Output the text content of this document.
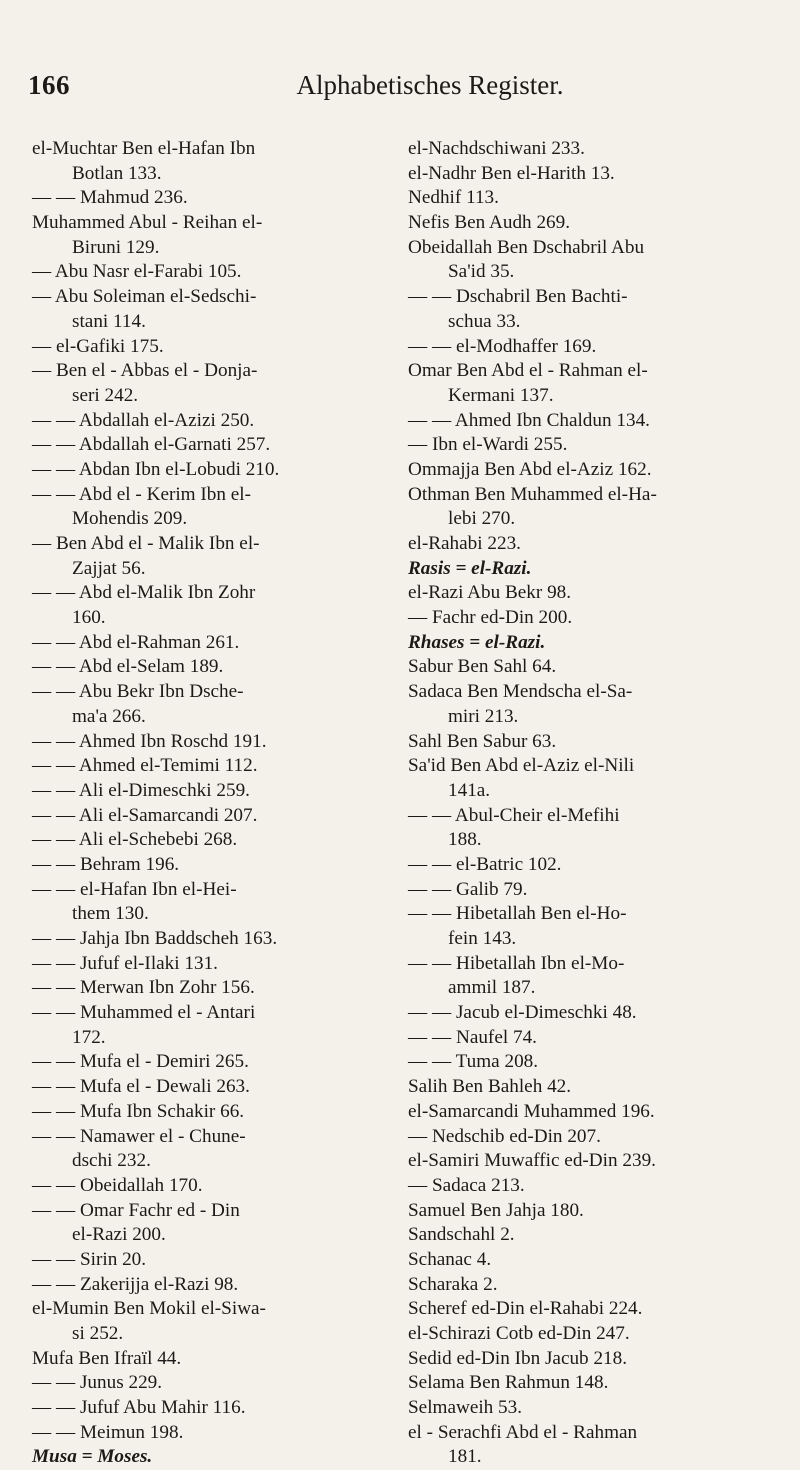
166	Alphabetisches Register.
el-Muchtar Ben el-Hafan Ibn
Botlan 133.
— — Mahmud 236.
Muhammed Abul - Reihan el-
Biruni 129.
— Abu Nasr el-Farabi 105.
— Abu Soleiman el-Sedschi-
stani 114.
— el-Gafiki 175.
— Ben el - Abbas el - Donja-
seri 242.
— — Abdallah el-Azizi 250.
— — Abdallah el-Garnati 257.
— — Abdan Ibn el-Lobudi 210.
— — Abd el - Kerim Ibn el-
Mohendis 209.
— Ben Abd el - Malik Ibn el-
Zajjat 56.
— — Abd el-Malik Ibn Zohr
160.
— — Abd el-Rahman 261.
— — Abd el-Selam 189.
— — Abu Bekr Ibn Dsche-
ma'a 266.
— — Ahmed Ibn Roschd 191.
— — Ahmed el-Temimi 112.
— — Ali el-Dimeschki 259.
— — Ali el-Samarcandi 207.
— — Ali el-Schebebi 268.
— — Behram 196.
— — el-Hafan Ibn el-Hei-
them 130.
— — Jahja Ibn Baddscheh 163.
— — Jufuf el-Ilaki 131.
— — Merwan Ibn Zohr 156.
— — Muhammed el - Antari
172.
— — Mufa el - Demiri 265.
— — Mufa el - Dewali 263.
— — Mufa Ibn Schakir 66.
— — Namawer el - Chune-
dschi 232.
— — Obeidallah 170.
— — Omar Fachr ed - Din
el-Razi 200.
— — Sirin 20.
— — Zakerijja el-Razi 98.
el-Mumin Ben Mokil el-Siwa-
si 252.
Mufa Ben Ifraïl 44.
— — Junus 229.
— — Jufuf Abu Mahir 116.
— — Meimun 198.
Musa = Moses.
el-Nachdschiwani 233.
el-Nadhr Ben el-Harith 13.
Nedhif 113.
Nefis Ben Audh 269.
Obeidallah Ben Dschabril Abu
Sa'id 35.
— — Dschabril Ben Bachti-
schua 33.
— — el-Modhaffer 169.
Omar Ben Abd el - Rahman el-
Kermani 137.
— — Ahmed Ibn Chaldun 134.
— Ibn el-Wardi 255.
Ommajja Ben Abd el-Aziz 162.
Othman Ben Muhammed el-Ha-
lebi 270.
el-Rahabi 223.
Rasis = el-Razi.
el-Razi Abu Bekr 98.
— Fachr ed-Din 200.
Rhases = el-Razi.
Sabur Ben Sahl 64.
Sadaca Ben Mendscha el-Sa-
miri 213.
Sahl Ben Sabur 63.
Sa'id Ben Abd el-Aziz el-Nili
141a.
— — Abul-Cheir el-Mefihi
188.
— — el-Batric 102.
— — Galib 79.
— — Hibetallah Ben el-Ho-
fein 143.
— — Hibetallah Ibn el-Mo-
ammil 187.
— — Jacub el-Dimeschki 48.
— — Naufel 74.
— — Tuma 208.
Salih Ben Bahleh 42.
el-Samarcandi Muhammed 196.
— Nedschib ed-Din 207.
el-Samiri Muwaffic ed-Din 239.
— Sadaca 213.
Samuel Ben Jahja 180.
Sandschahl 2.
Schanac 4.
Scharaka 2.
Scheref ed-Din el-Rahabi 224.
el-Schirazi Cotb ed-Din 247.
Sedid ed-Din Ibn Jacub 218.
Selama Ben Rahmun 148.
Selmaweih 53.
el - Serachfi Abd el - Rahman
181.
